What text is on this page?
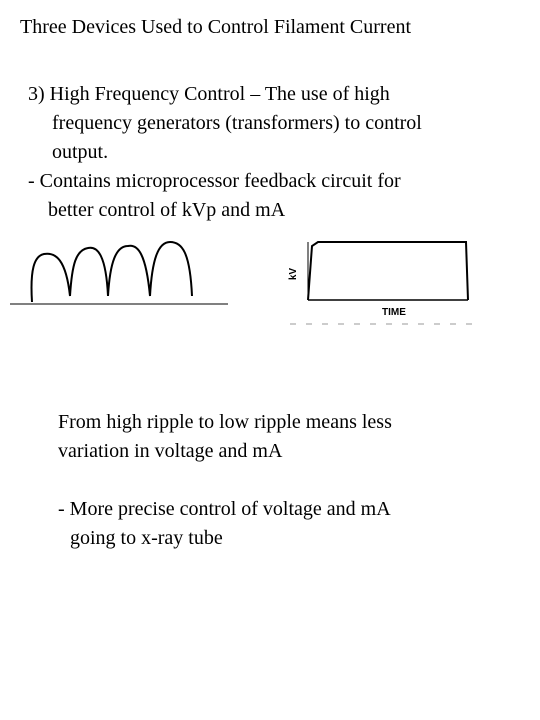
Three Devices Used to Control Filament Current
3) High Frequency Control – The use of high
frequency generators (transformers) to control
output.
- Contains microprocessor feedback circuit for
better control of kVp and mA
kV
TIME
From high ripple to low ripple means less
variation in voltage and mA
- More precise control of voltage and mA
going to x-ray tube
